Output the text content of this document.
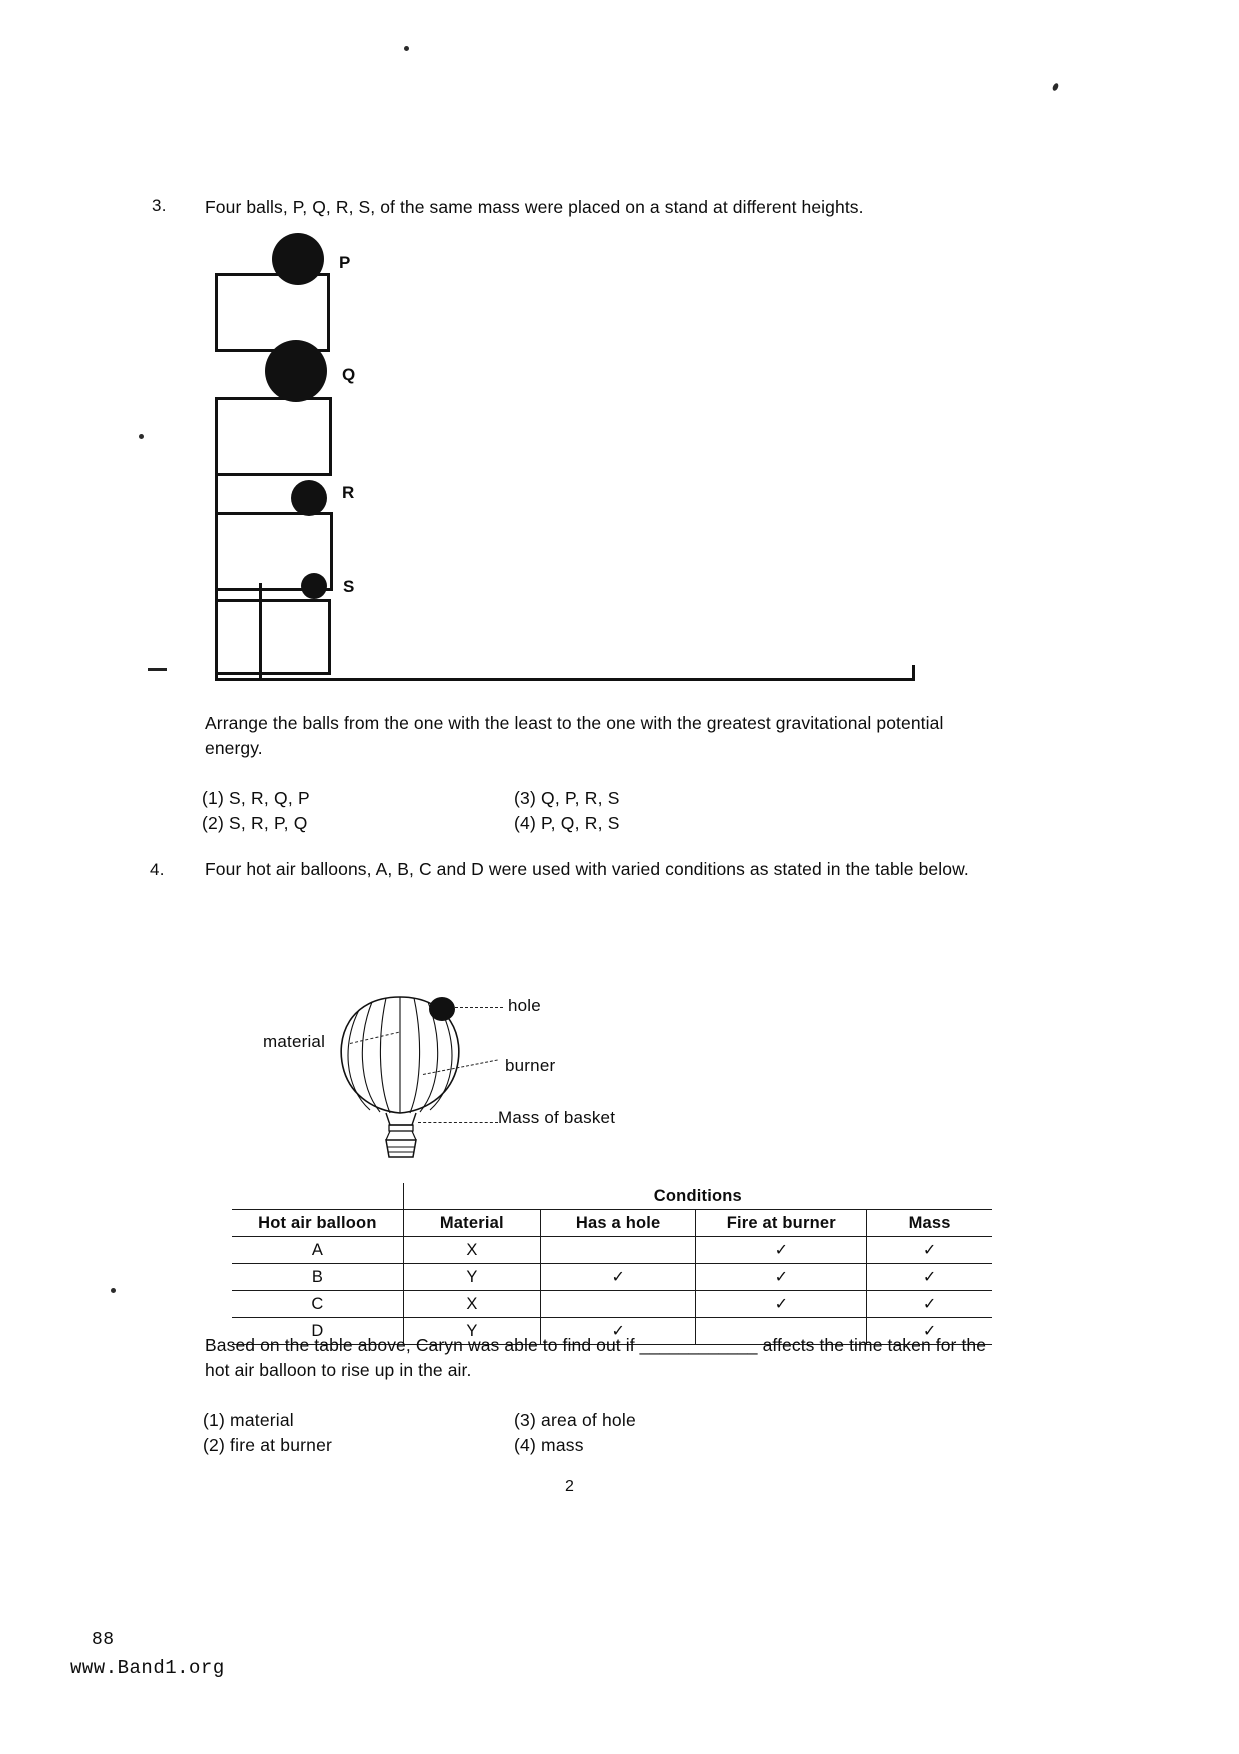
3. Four balls, P, Q, R, S, of the same mass were placed on a stand at different heights.
P
Q
R
S
Arrange the balls from the one with the least to the one with the greatest gravitational potential energy.
(1) S, R, Q, P
(2) S, R, P, Q
(3) Q, P, R, S
(4) P, Q, R, S
4. Four hot air balloons, A, B, C and D were used with varied conditions as stated in the table below.
hole
material
burner
Mass of basket
	Conditions			
Hot air balloon	Material	Has a hole	Fire at burner	Mass
A	X		✓	✓
B	Y	✓	✓	✓
C	X		✓	✓
D	Y	✓		✓
Based on the table above, Caryn was able to find out if ____________ affects the time taken for the hot air balloon to rise up in the air.
(1) material
(2) fire at burner
(3) area of hole
(4) mass
2
88
www.Band1.org
